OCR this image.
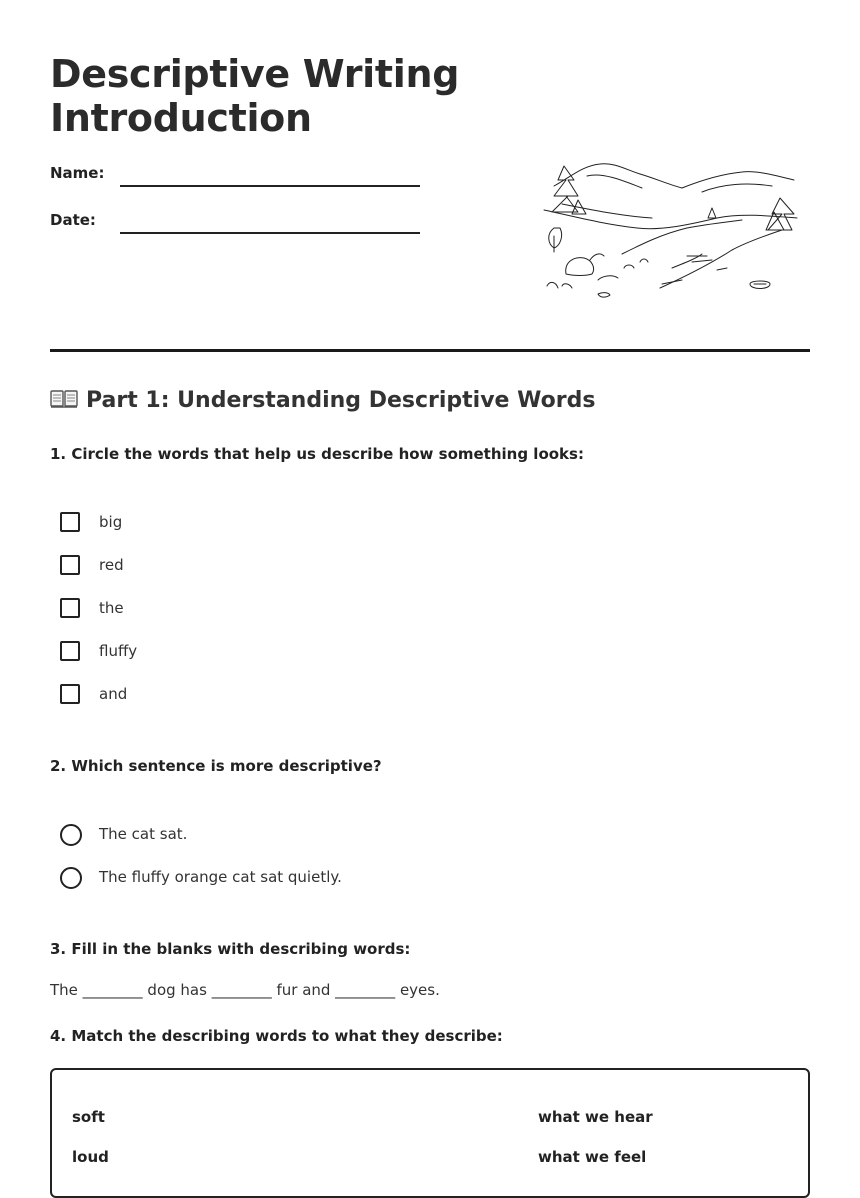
Descriptive Writing
Introduction
Name:
Date:
Part 1: Understanding Descriptive Words

1. Circle the words that help us describe how something looks:

big
red
the
fluffy
and

2. Which sentence is more descriptive?

The cat sat.
The fluffy orange cat sat quietly.

3. Fill in the blanks with describing words:

The ________ dog has ________ fur and ________ eyes.

4. Match the describing words to what they describe:

soft	what we hear
loud	what we feel
